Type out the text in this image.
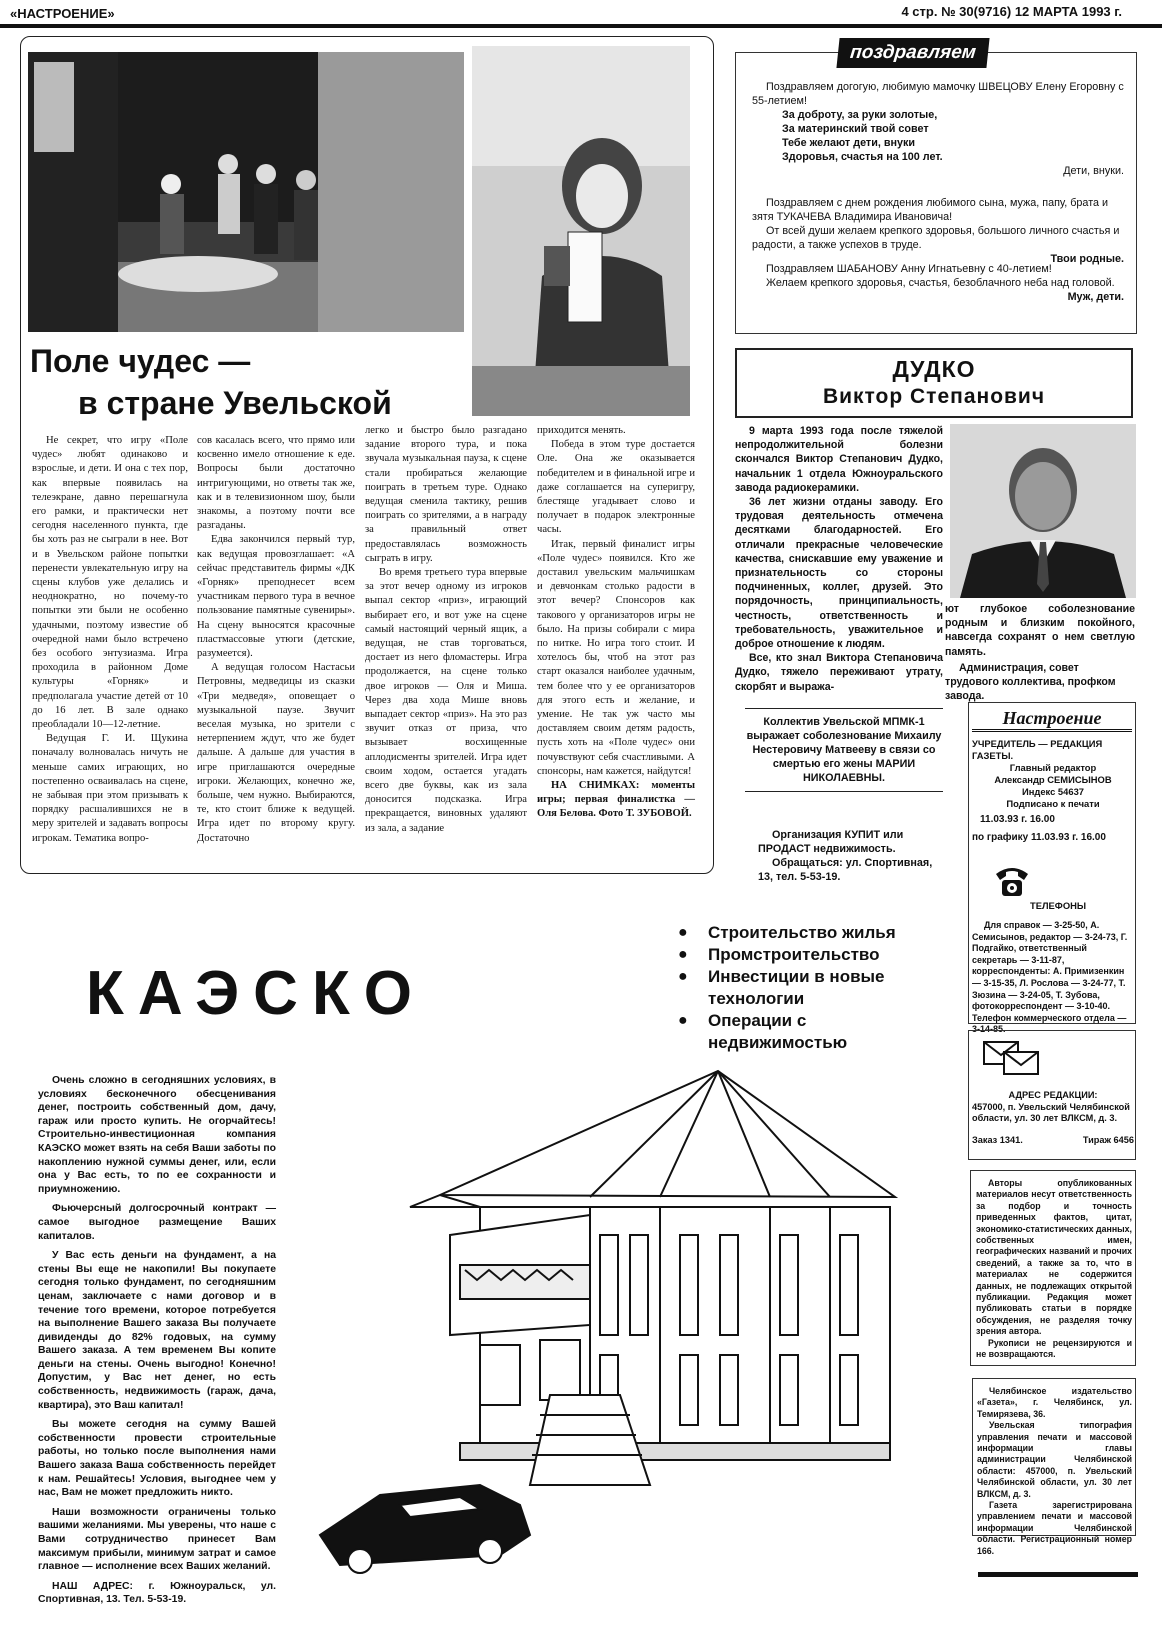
«НАСТРОЕНИЕ»	4 стр. № 30(9716) 12 МАРТА 1993 г.
Поле чудес —
в стране Увельской

Не секрет, что игру «Поле чудес» любят одинаково и взрослые, и дети. И она с тех пор, как впервые появилась на телеэкране, давно перешагнула его рамки, и практически нет сегодня населенного пункта, где бы хоть раз не сыграли в нее. Вот и в Увельском районе попытки перенести увлекательную игру на сцены клубов уже делались и неоднократно, но почему-то попытки эти были не особенно удачными, поэтому известие об очередной нами было встречено без особого энтузиазма. Игра проходила в районном Доме культуры «Горняк» и предполагала участие детей от 10 до 16 лет. В зале однако преобладали 10—12-летние.

Ведущая Г. И. Щукина поначалу волновалась ничуть не меньше самих играющих, но постепенно осваивалась на сцене, не забывая при этом призывать к порядку расшалившихся не в меру зрителей и задавать вопросы игрокам. Тематика вопро-

сов касалась всего, что прямо или косвенно имело отношение к еде. Вопросы были достаточно интригующими, но ответы так же, как и в телевизионном шоу, были знакомы, а поэтому почти все разгаданы.

Едва закончился первый тур, как ведущая провозглашает: «А сейчас представитель фирмы «ДК «Горняк» преподнесет всем участникам первого тура в вечное пользование памятные сувениры». На сцену выносятся красочные пластмассовые утюги (детские, разумеется).

А ведущая голосом Настасьи Петровны, медведицы из сказки «Три медведя», оповещает о музыкальной паузе. Звучит веселая музыка, но зрители с нетерпением ждут, что же будет дальше. А дальше для участия в игре приглашаются очередные игроки. Желающих, конечно же, больше, чем нужно. Выбираются, те, кто стоит ближе к ведущей. Игра идет по второму кругу. Достаточно

легко и быстро было разгадано задание второго тура, и пока звучала музыкальная пауза, к сцене стали пробираться желающие поиграть в третьем туре. Однако ведущая сменила тактику, решив поиграть со зрителями, а в награду за правильный ответ предоставлялась возможность сыграть в игру.

Во время третьего тура впервые за этот вечер одному из игроков выпал сектор «приз», играющий выбирает его, и вот уже на сцене самый настоящий черный ящик, а ведущая, не став торговаться, достает из него фломастеры. Игра продолжается, на сцене только двое игроков — Оля и Миша. Через два хода Мише вновь выпадает сектор «приз». На это раз звучит отказ от приза, что вызывает восхищенные аплодисменты зрителей. Игра идет своим ходом, остается угадать всего две буквы, как из зала доносится подсказка. Игра прекращается, виновных удаляют из зала, а задание

приходится менять.

Победа в этом туре достается Оле. Она же оказывается победителем и в финальной игре и даже соглашается на суперигру, блестяще угадывает слово и получает в подарок электронные часы.

Итак, первый финалист игры «Поле чудес» появился. Кто же доставил увельским мальчишкам и девчонкам столько радости в этот вечер? Спонсоров как такового у организаторов игры не было. На призы собирали с мира по нитке. Но игра того стоит. И хотелось бы, чтоб на этот раз старт оказался наиболее удачным, тем более что у ее организаторов для этого есть и желание, и умение. Не так уж часто мы доставляем своим детям радость, пусть хоть на «Поле чудес» они почувствуют себя счастливыми. А спонсоры, нам кажется, найдутся!

НА СНИМКАХ: моменты игры; первая финалистка — Оля Белова. Фото Т. ЗУБОВОЙ.

поздравляем

Поздравляем догогую, любимую мамочку ШВЕЦОВУ Елену Егоровну с 55-летием!

За доброту, за руки золотые,
За материнский твой совет
Тебе желают дети, внуки
Здоровья, счастья на 100 лет.
Дети, внуки.

Поздравляем с днем рождения любимого сына, мужа, папу, брата и зятя ТУКАЧЕВА Владимира Ивановича!

От всей души желаем крепкого здоровья, большого личного счастья и радости, а также успехов в труде.

Твои родные.

Поздравляем ШАБАНОВУ Анну Игнатьевну с 40-летием!

Желаем крепкого здоровья, счастья, безоблачного неба над головой.

Муж, дети.
ДУДКО
Виктор Степанович

9 марта 1993 года после тяжелой непродолжительной болезни скончался Виктор Степанович Дудко, начальник 1 отдела Южноуральского завода радиокерамики.

36 лет жизни отданы заводу. Его трудовая деятельность отмечена десятками благодарностей. Его отличали прекрасные человеческие качества, снискавшие ему уважение и признательность со стороны подчиненных, коллег, друзей. Это порядочность, принципиальность, честность, ответственность и требовательность, уважительное и доброе отношение к людям.

Все, кто знал Виктора Степановича Дудко, тяжело переживают утрату, скорбят и выража-

ют глубокое соболезнование родным и близким покойного, навсегда сохранят о нем светлую память.
Администрация, совет трудового коллектива, профком завода.
Коллектив Увельской МПМК-1 выражает соболезнование Михаилу Нестеровичу Матвееву в связи со смертью его жены МАРИИ НИКОЛАЕВНЫ.

Организация КУПИТ или ПРОДАСТ недвижимость.

Обращаться: ул. Спортивная, 13, тел. 5-53-19.

Настроение
УЧРЕДИТЕЛЬ — РЕДАКЦИЯ ГАЗЕТЫ.
Главный редактор
Александр СЕМИСЫНОВ
Индекс 54637
Подписано к печати
11.03.93 г. 16.00
по графику 11.03.93 г. 16.00
ТЕЛЕФОНЫ
Для справок — 3-25-50, А. Семисынов, редактор — 3-24-73, Г. Подгайко, ответственный секретарь — 3-11-87, корреспонденты: А. Примизенкин — 3-15-35, Л. Рослова — 3-24-77, Т. Зюзина — 3-24-05, Т. Зубова, фотокорреспондент — 3-10-40. Телефон коммерческого отдела — 3-14-85.
АДРЕС РЕДАКЦИИ:
457000, п. Увельский Челябинской области, ул. 30 лет ВЛКСМ, д. 3.
Заказ 1341.	Тираж 6456

Авторы опубликованных материалов несут ответственность за подбор и точность приведенных фактов, цитат, экономико-статистических данных, собственных имен, географических названий и прочих сведений, а также за то, что в материалах не содержится данных, не подлежащих открытой публикации. Редакция может публиковать статьи в порядке обсуждения, не разделяя точку зрения автора.

Рукописи не рецензируются и не возвращаются.

Челябинское издательство «Газета», г. Челябинск, ул. Темирязева, 36.

Увельская типография управления печати и массовой информации главы администрации Челябинской области: 457000, п. Увельский Челябинской области, ул. 30 лет ВЛКСМ, д. 3.

Газета зарегистрирована управлением печати и массовой информации Челябинской области. Регистрационный номер 166.

КАЭСКО
● Строительство жилья
● Промстроительство
● Инвестиции в новые технологии
● Операции с недвижимостью

Очень сложно в сегодняшних условиях, в условиях бесконечного обесценивания денег, построить собственный дом, дачу, гараж или просто купить. Не огорчайтесь! Строительно-инвестиционная компания КАЭСКО может взять на себя Ваши заботы по накоплению нужной суммы денег, или, если она у Вас есть, то по ее сохранности и приумножению.

Фьючерсный долгосрочный контракт — самое выгодное размещение Ваших капиталов.

У Вас есть деньги на фундамент, а на стены Вы еще не накопили! Вы покупаете сегодня только фундамент, по сегодняшним ценам, заключаете с нами договор и в течение того времени, которое потребуется на выполнение Вашего заказа Вы получаете дивиденды до 82% годовых, на сумму Вашего заказа. А тем временем Вы копите деньги на стены. Очень выгодно! Конечно! Допустим, у Вас нет денег, но есть собственность, недвижимость (гараж, дача, квартира), это Ваш капитал!

Вы можете сегодня на сумму Вашей собственности провести строительные работы, но только после выполнения нами Вашего заказа Ваша собственность перейдет к нам. Решайтесь! Условия, выгоднее чем у нас, Вам не может предложить никто.

Наши возможности ограничены только вашими желаниями. Мы уверены, что наше с Вами сотрудничество принесет Вам максимум прибыли, минимум затрат и самое главное — исполнение всех Ваших желаний.

НАШ АДРЕС: г. Южноуральск, ул. Спортивная, 13. Тел. 5-53-19.
